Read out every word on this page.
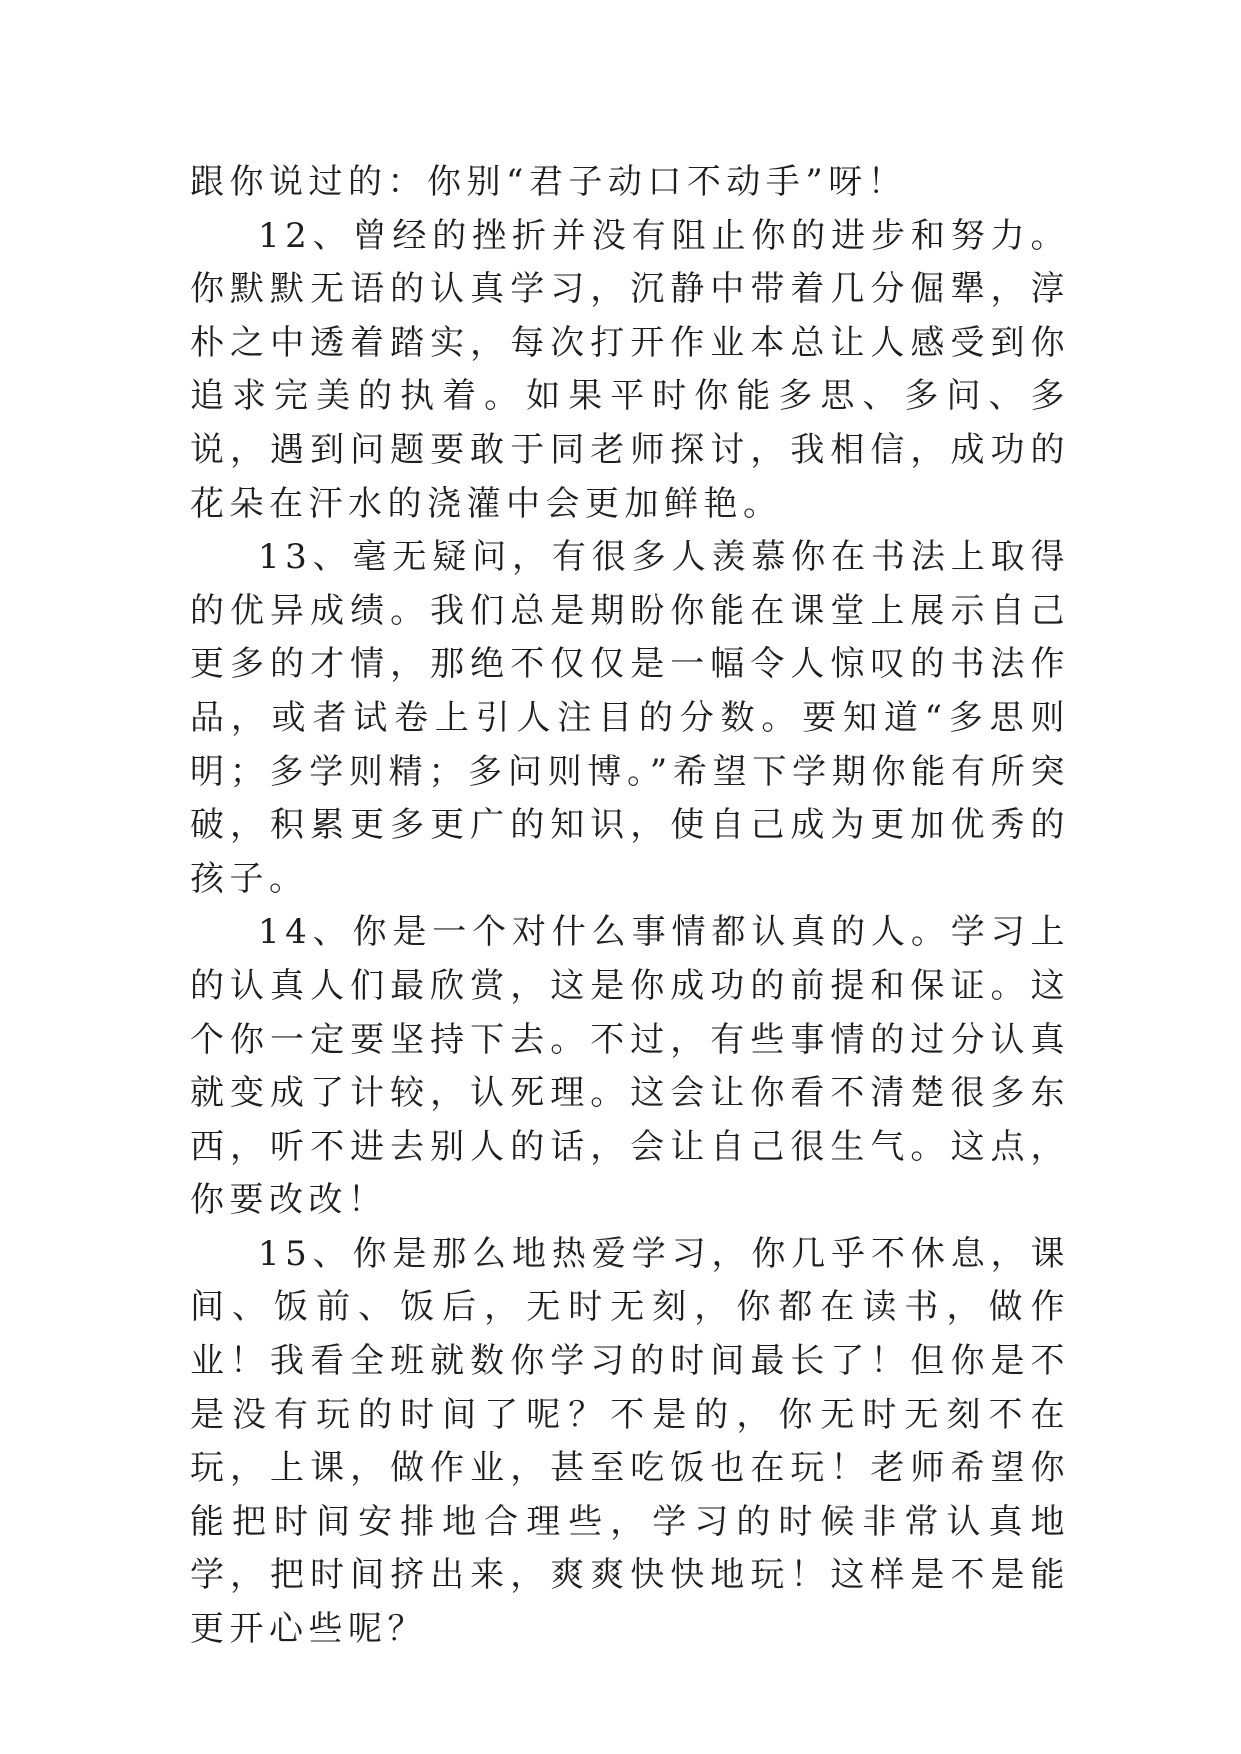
跟你说过的：你别“君子动口不动手”呀！

12、曾经的挫折并没有阻止你的进步和努力。你默默无语的认真学习，沉静中带着几分倔犟，淳朴之中透着踏实，每次打开作业本总让人感受到你追求完美的执着。如果平时你能多思、多问、多说，遇到问题要敢于同老师探讨，我相信，成功的花朵在汗水的浇灌中会更加鲜艳。

13、毫无疑问，有很多人羡慕你在书法上取得的优异成绩。我们总是期盼你能在课堂上展示自己更多的才情，那绝不仅仅是一幅令人惊叹的书法作品，或者试卷上引人注目的分数。要知道“多思则明；多学则精；多问则博。”希望下学期你能有所突破，积累更多更广的知识，使自己成为更加优秀的孩子。

14、你是一个对什么事情都认真的人。学习上的认真人们最欣赏，这是你成功的前提和保证。这个你一定要坚持下去。不过，有些事情的过分认真就变成了计较，认死理。这会让你看不清楚很多东西，听不进去别人的话，会让自己很生气。这点，你要改改！

15、你是那么地热爱学习，你几乎不休息，课间、饭前、饭后，无时无刻，你都在读书，做作业！我看全班就数你学习的时间最长了！但你是不是没有玩的时间了呢？不是的，你无时无刻不在玩，上课，做作业，甚至吃饭也在玩！老师希望你能把时间安排地合理些，学习的时候非常认真地学，把时间挤出来，爽爽快快地玩！这样是不是能更开心些呢？
